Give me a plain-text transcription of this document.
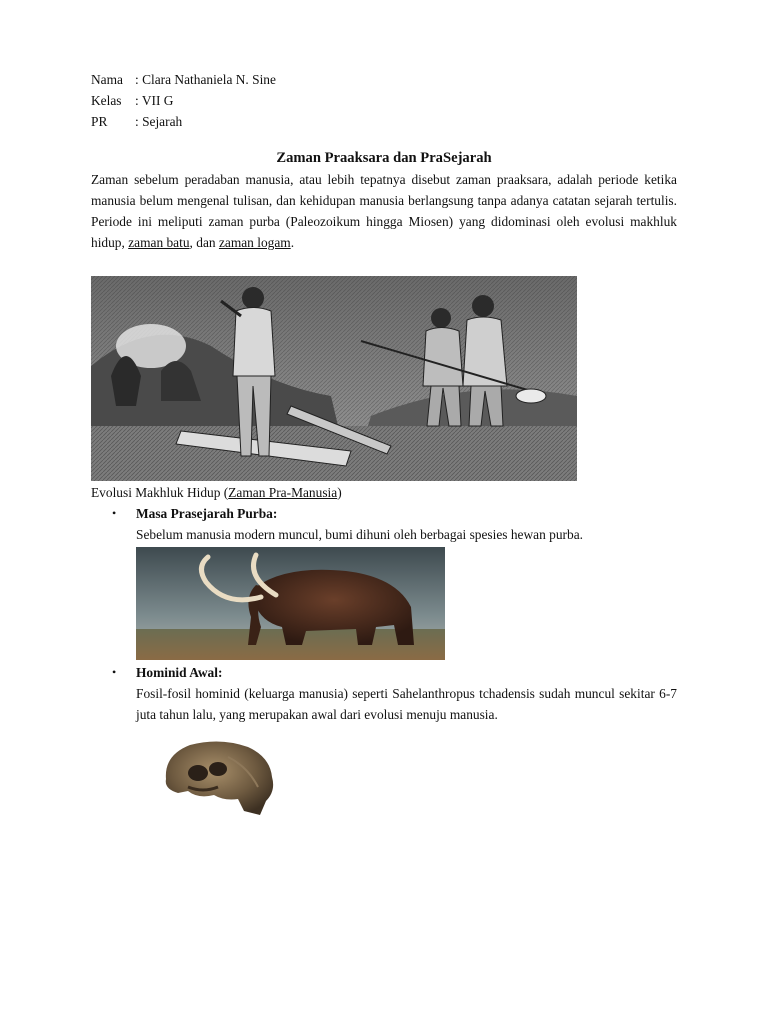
Nama : Clara Nathaniela N. Sine
Kelas	: VII G
PR	: Sejarah
Zaman Praaksara dan PraSejarah

Zaman sebelum peradaban manusia, atau lebih tepatnya disebut zaman praaksara, adalah periode ketika manusia belum mengenal tulisan, dan kehidupan manusia berlangsung tanpa adanya catatan sejarah tertulis. Periode ini meliputi zaman purba (Paleozoikum hingga Miosen) yang didominasi oleh evolusi makhluk hidup, zaman batu, dan zaman logam.

Evolusi Makhluk Hidup (Zaman Pra-Manusia)
• Masa Prasejarah Purba:
Sebelum manusia modern muncul, bumi dihuni oleh berbagai spesies hewan purba.
• Hominid Awal:
Fosil-fosil hominid (keluarga manusia) seperti Sahelanthropus tchadensis sudah muncul sekitar 6-7 juta tahun lalu, yang merupakan awal dari evolusi menuju manusia.
